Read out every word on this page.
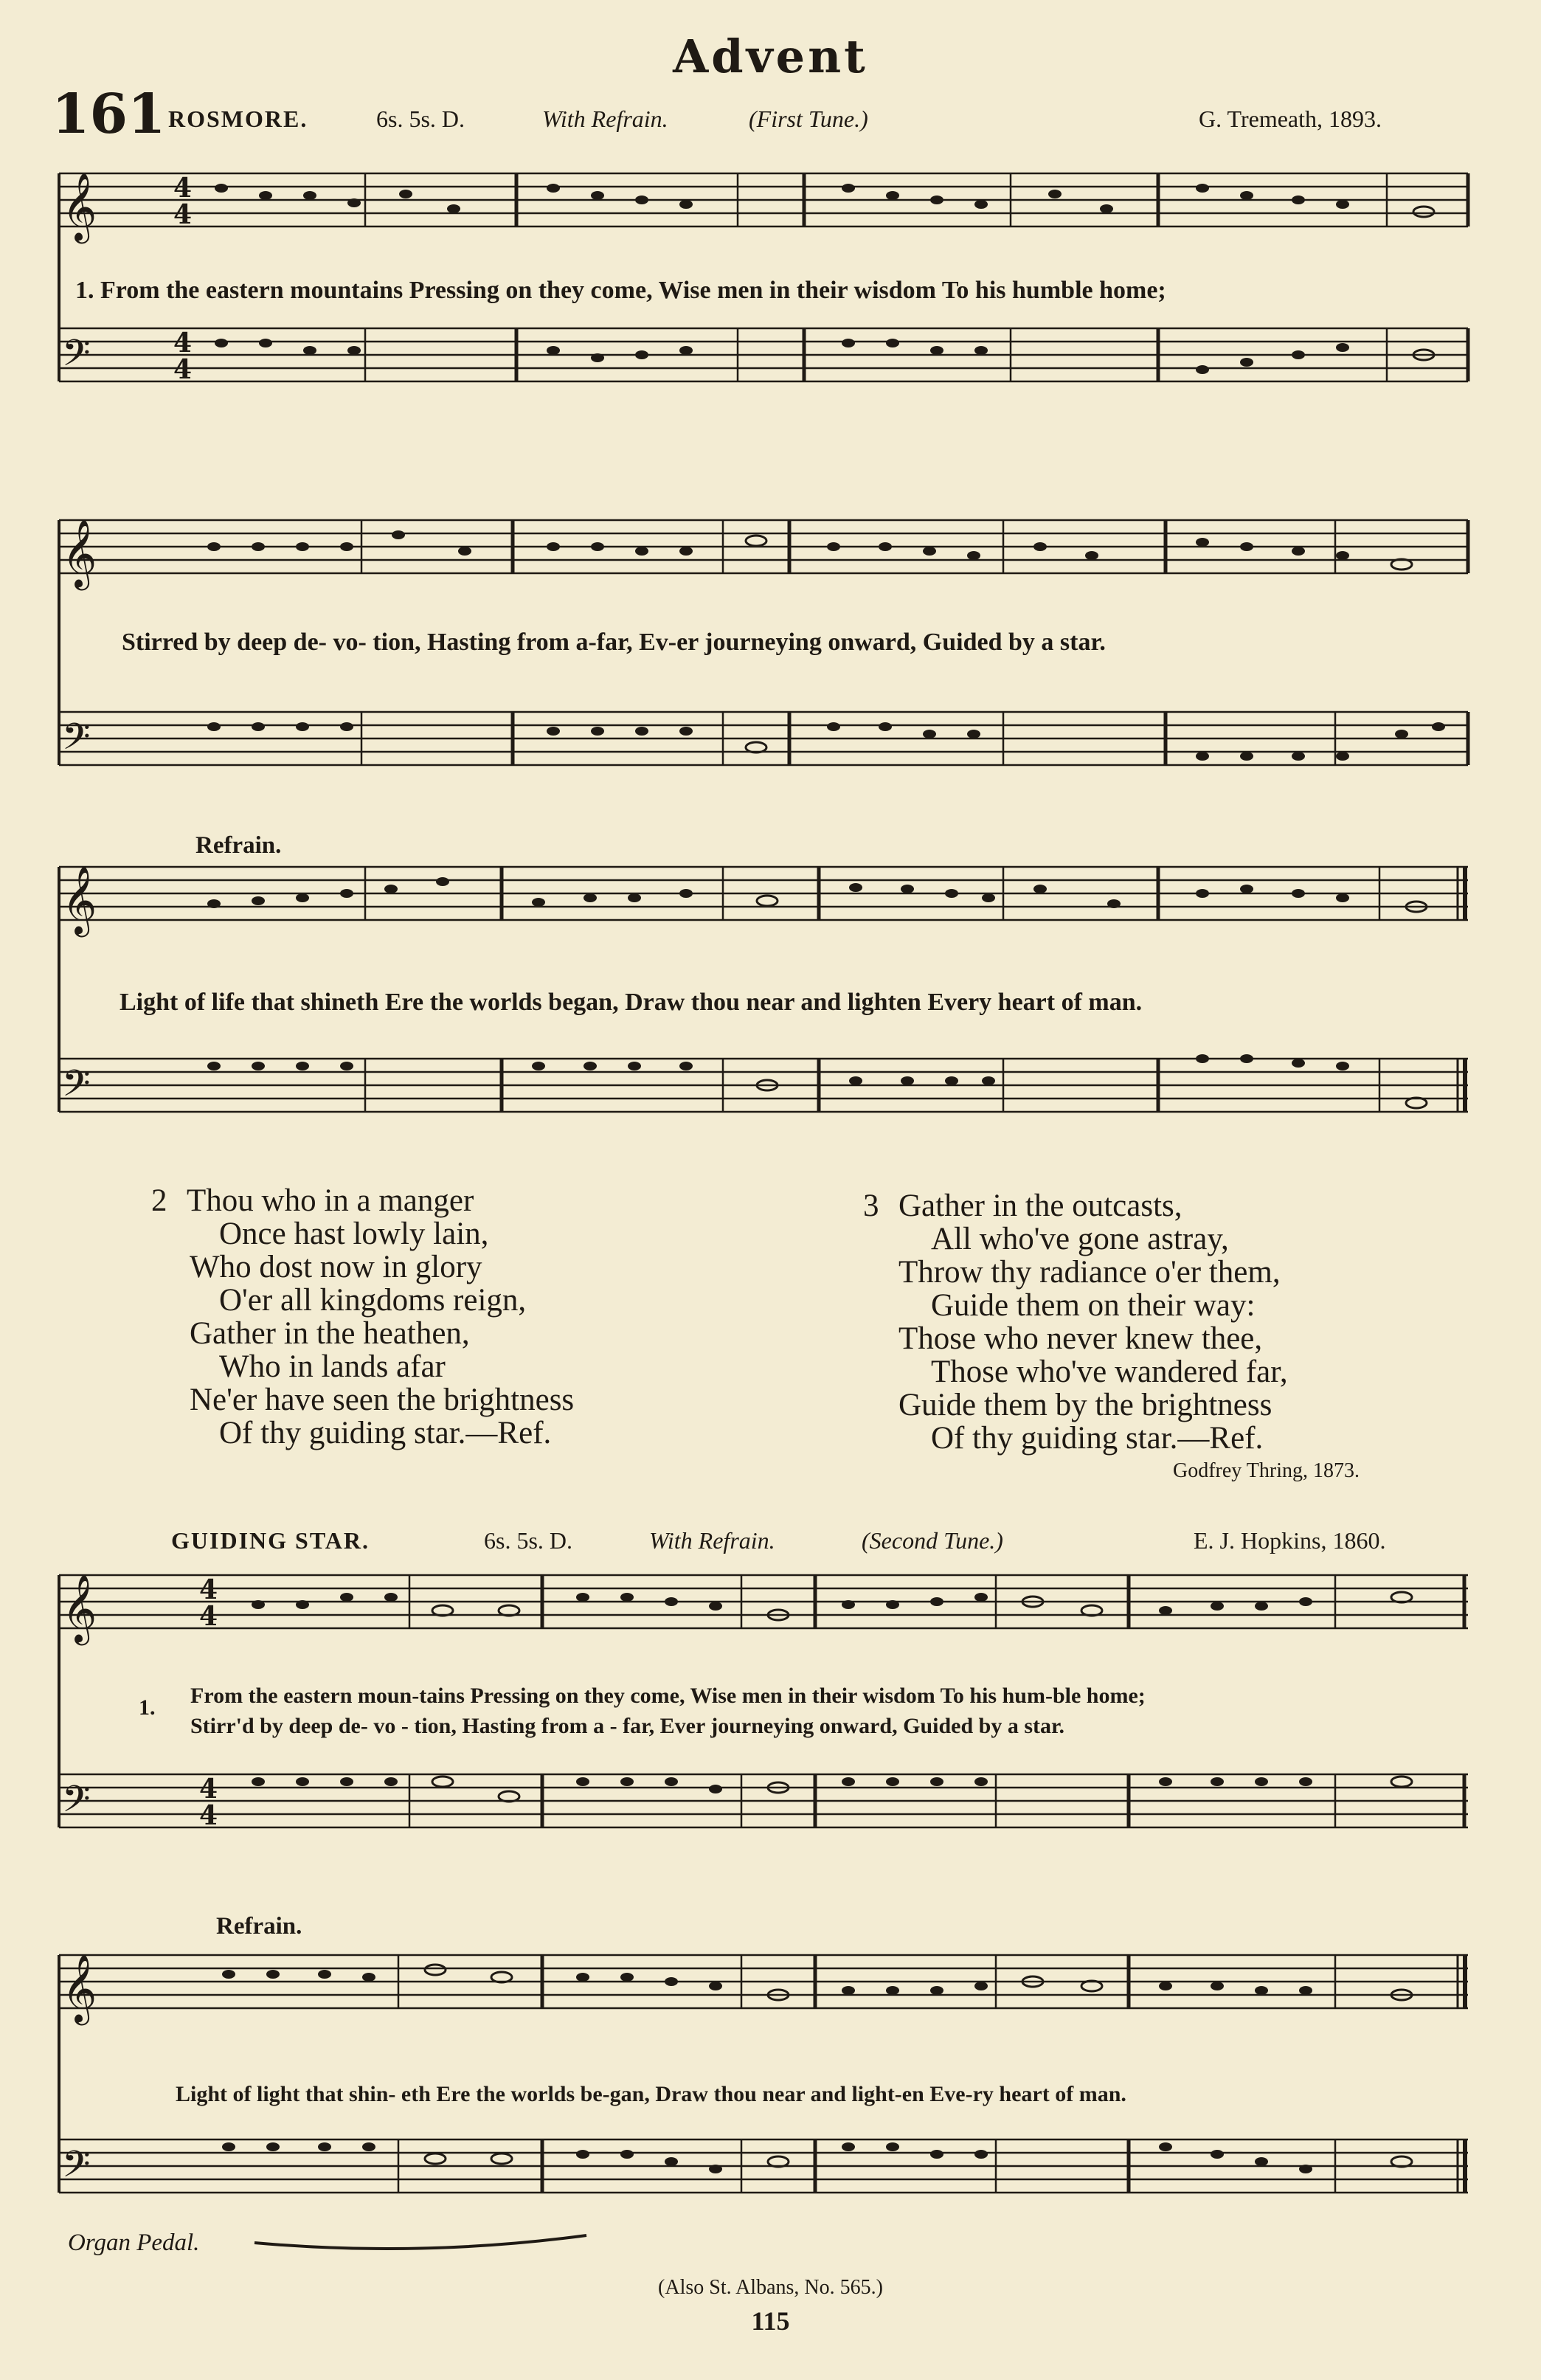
Advent
161 ROSMORE.	6s. 5s. D.	With Refrain.	(First Tune.)	G. Tremeath, 1893.
𝄞
𝄢
4
4
4
4
1. From the eastern mountains Pressing on they come, Wise men in their wisdom To his humble home;
𝄞
𝄢
Stirred by deep de- vo- tion, Hasting from a-far, Ev-er journeying onward, Guided by a star.
Refrain.
𝄞
𝄢
Light of life that shineth Ere the worlds began, Draw thou near and lighten Every heart of man.
2 Thou who in a manger
Once hast lowly lain,
Who dost now in glory
O'er all kingdoms reign,
Gather in the heathen,
Who in lands afar
Ne'er have seen the brightness
Of thy guiding star.—Ref.
3 Gather in the outcasts,
All who've gone astray,
Throw thy radiance o'er them,
Guide them on their way:
Those who never knew thee,
Those who've wandered far,
Guide them by the brightness
Of thy guiding star.—Ref.
Godfrey Thring, 1873.
GUIDING STAR.	6s. 5s. D.	With Refrain.	(Second Tune.)	E. J. Hopkins, 1860.
𝄞
𝄢
4
4
4
4
1. From the eastern moun-tains Pressing on they come, Wise men in their wisdom To his hum-ble home;
Stirr'd by deep de- vo - tion, Hasting from a - far, Ever journeying onward, Guided by a star.
Refrain.
𝄞
𝄢
Light of light that shin- eth Ere the worlds be-gan, Draw thou near and light-en Eve-ry heart of man.
Organ Pedal.
(Also St. Albans, No. 565.)
115
